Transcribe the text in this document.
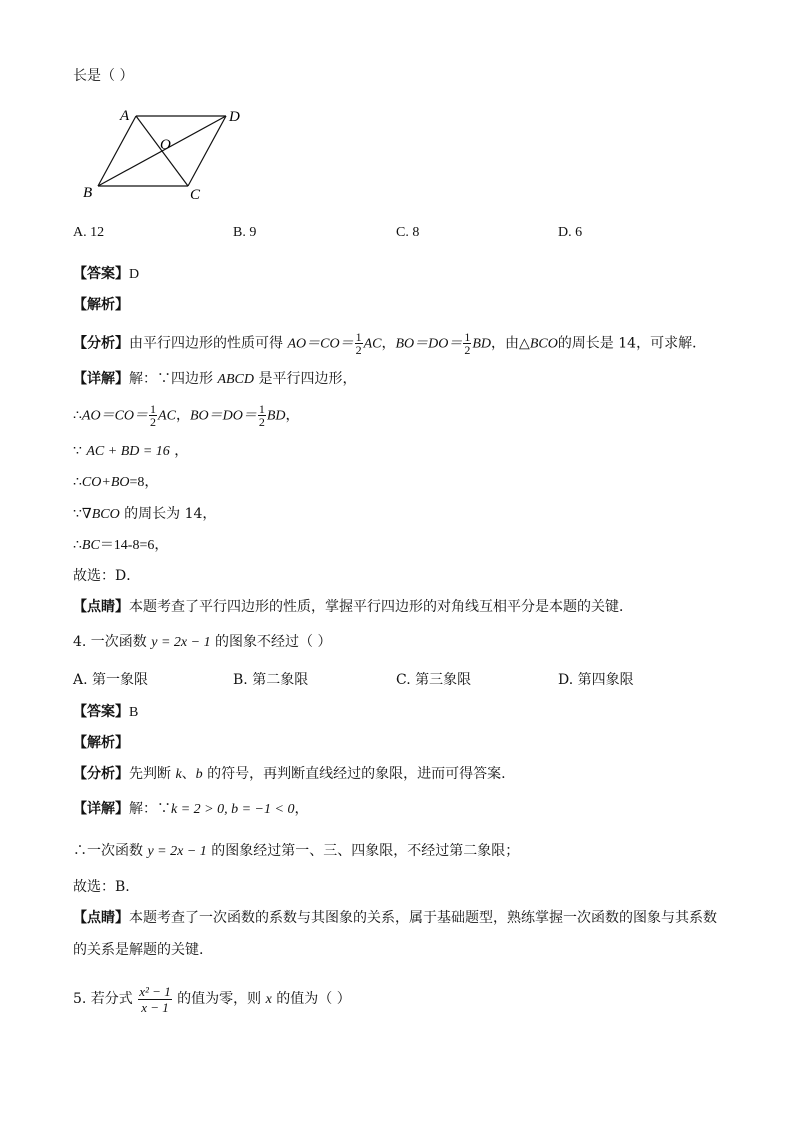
长是（ ）
A	D
B	C
O
A. 12	B. 9	C. 8	D. 6
【答案】D
【解析】
【分析】由平行四边形的性质可得 $AO=CO= \frac{1}{2}$ AC，$BO=DO= \frac{1}{2}$ BD，由△BCO的周长是 14，可求解．
【详解】解：∵四边形 ABCD 是平行四边形，
∴AO＝CO＝ $\frac{1}{2}$ AC，$BO=DO= \frac{1}{2}$ BD，
∵ AC + BD = 16 ，
∴CO+BO=8，
∵∇BCO 的周长为 14，
∴BC＝14-8=6，
故选：D．
【点睛】本题考查了平行四边形的性质，掌握平行四边形的对角线互相平分是本题的关键．
4. 一次函数 y = 2x − 1 的图象不经过（ ）
A. 第一象限	B. 第二象限	C. 第三象限	D. 第四象限
【答案】B
【解析】
【分析】先判断 k、b 的符号，再判断直线经过的象限，进而可得答案.
【详解】解：∵k = 2 > 0, b = −1 < 0，
∴一次函数 y = 2x − 1 的图象经过第一、三、四象限，不经过第二象限；
故选：B.
【点睛】本题考查了一次函数的系数与其图象的关系，属于基础题型，熟练掌握一次函数的图象与其系数
的关系是解题的关键.
5. 若分式 $\frac{\text{x² − 1}}{x - 1}$ 的值为零，则 x 的值为（ ）
